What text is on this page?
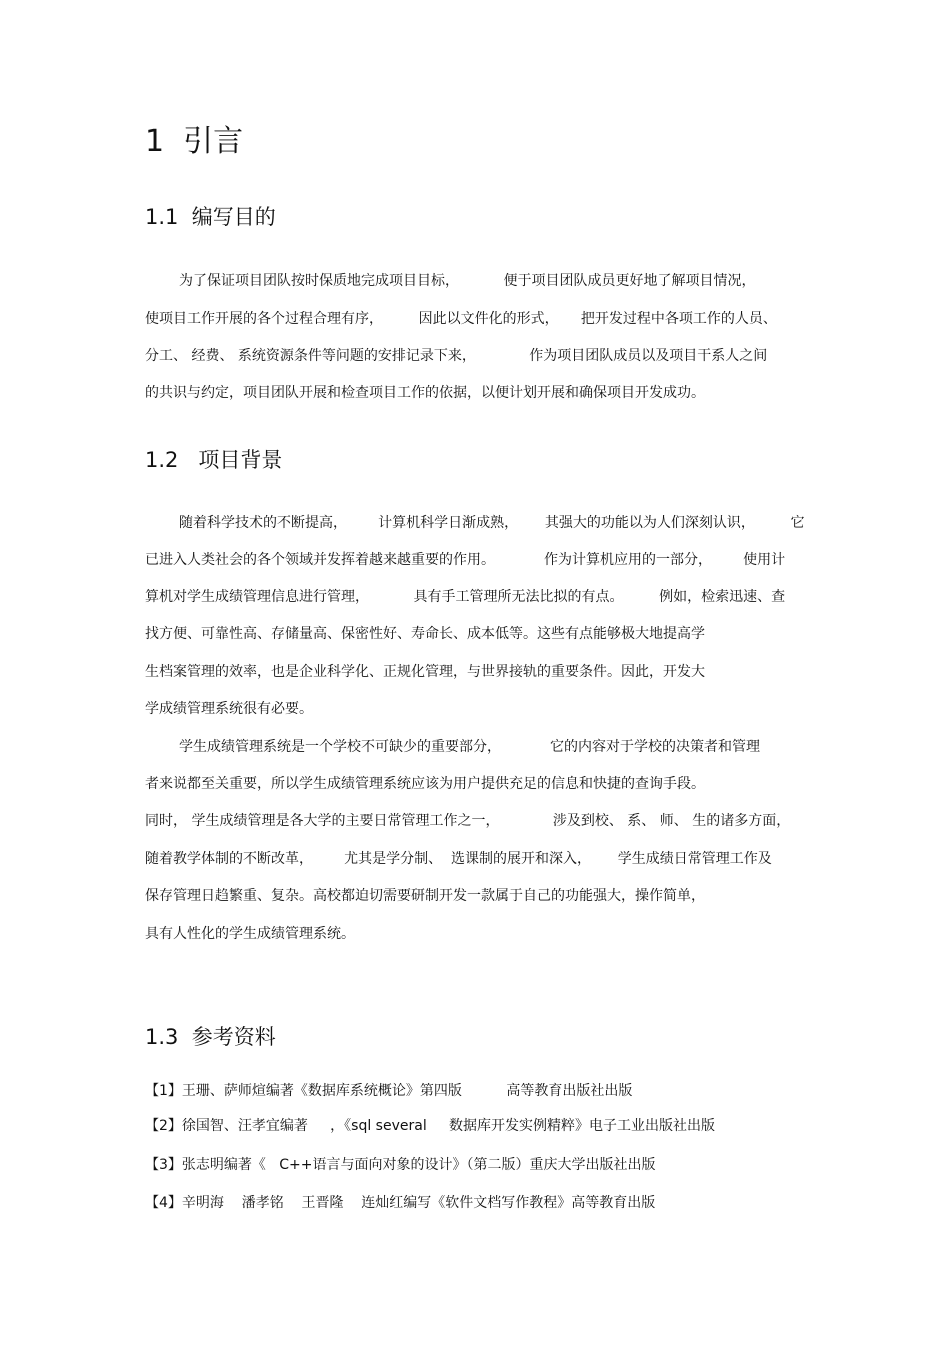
1  引言
1.1  编写目的
为了保证项目团队按时保质地完成项目目标，          便于项目团队成员更好地了解项目情况，
使项目工作开展的各个过程合理有序，        因此以文件化的形式，     把开发过程中各项工作的人员、
分工、 经费、 系统资源条件等问题的安排记录下来，            作为项目团队成员以及项目干系人之间
的共识与约定，项目团队开展和检查项目工作的依据，以便计划开展和确保项目开发成功。
1.2   项目背景
随着科学技术的不断提高，       计算机科学日渐成熟，      其强大的功能以为人们深刻认识，        它
已进入人类社会的各个领域并发挥着越来越重要的作用。           作为计算机应用的一部分，       使用计
算机对学生成绩管理信息进行管理，          具有手工管理所无法比拟的有点。        例如，检索迅速、查
找方便、可靠性高、存储量高、保密性好、寿命长、成本低等。这些有点能够极大地提高学
生档案管理的效率，也是企业科学化、正规化管理，与世界接轨的重要条件。因此，开发大
学成绩管理系统很有必要。
学生成绩管理系统是一个学校不可缺少的重要部分，           它的内容对于学校的决策者和管理
者来说都至关重要，所以学生成绩管理系统应该为用户提供充足的信息和快捷的查询手段。
同时， 学生成绩管理是各大学的主要日常管理工作之一，            涉及到校、 系、 师、 生的诸多方面，
随着教学体制的不断改革，       尤其是学分制、  选课制的展开和深入，      学生成绩日常管理工作及
保存管理日趋繁重、复杂。高校都迫切需要研制开发一款属于自己的功能强大，操作简单，
具有人性化的学生成绩管理系统。
1.3  参考资料
【1】王珊、萨师煊编著《数据库系统概论》第四版          高等教育出版社出版
【2】徐国智、汪孝宜编著     ，《sql several     数据库开发实例精粹》电子工业出版社出版
【3】张志明编著《   C++语言与面向对象的设计》（第二版）重庆大学出版社出版
【4】辛明海    潘孝铭    王晋隆    连灿红编写《软件文档写作教程》高等教育出版
